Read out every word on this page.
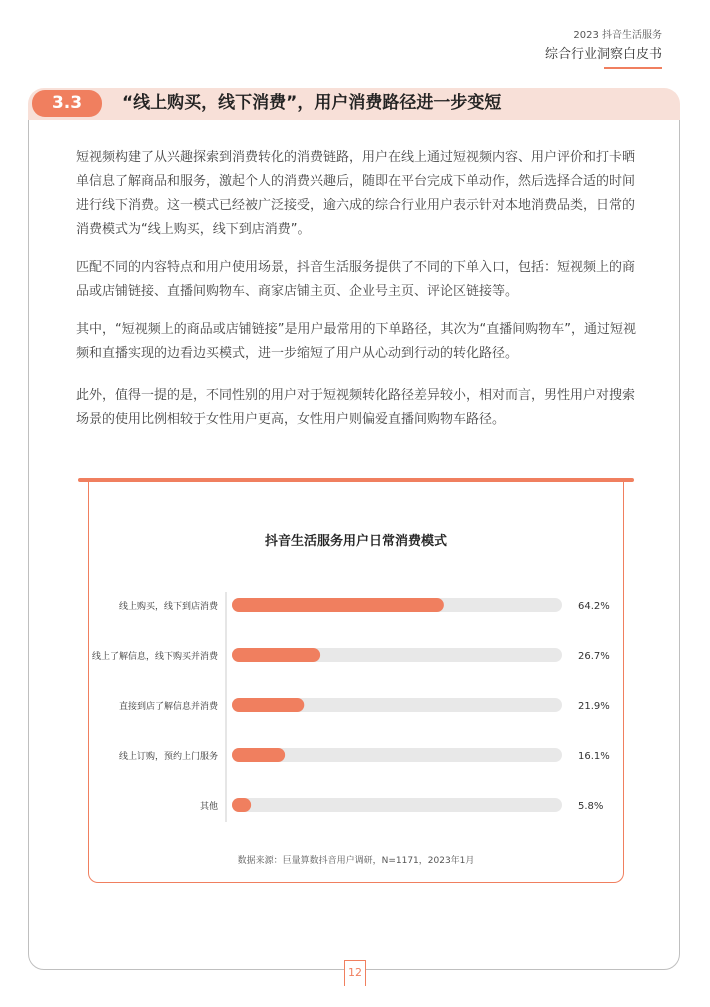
2023 抖音生活服务
综合行业洞察白皮书
3.3	“线上购买，线下消费”，用户消费路径进一步变短

短视频构建了从兴趣探索到消费转化的消费链路，用户在线上通过短视频内容、用户评价和打卡晒单信息了解商品和服务，激起个人的消费兴趣后，随即在平台完成下单动作，然后选择合适的时间进行线下消费。这一模式已经被广泛接受，逾六成的综合行业用户表示针对本地消费品类，日常的消费模式为“线上购买，线下到店消费”。

匹配不同的内容特点和用户使用场景，抖音生活服务提供了不同的下单入口，包括：短视频上的商品或店铺链接、直播间购物车、商家店铺主页、企业号主页、评论区链接等。

其中，“短视频上的商品或店铺链接”是用户最常用的下单路径，其次为“直播间购物车”，通过短视频和直播实现的边看边买模式，进一步缩短了用户从心动到行动的转化路径。

此外，值得一提的是，不同性别的用户对于短视频转化路径差异较小，相对而言，男性用户对搜索场景的使用比例相较于女性用户更高，女性用户则偏爱直播间购物车路径。

抖音生活服务用户日常消费模式
线上购买，线下到店消费	64.2%
线上了解信息，线下购买并消费	26.7%
直接到店了解信息并消费	21.9%
线上订购，预约上门服务	16.1%
其他	5.8%
数据来源：巨量算数抖音用户调研，N=1171，2023年1月
12
